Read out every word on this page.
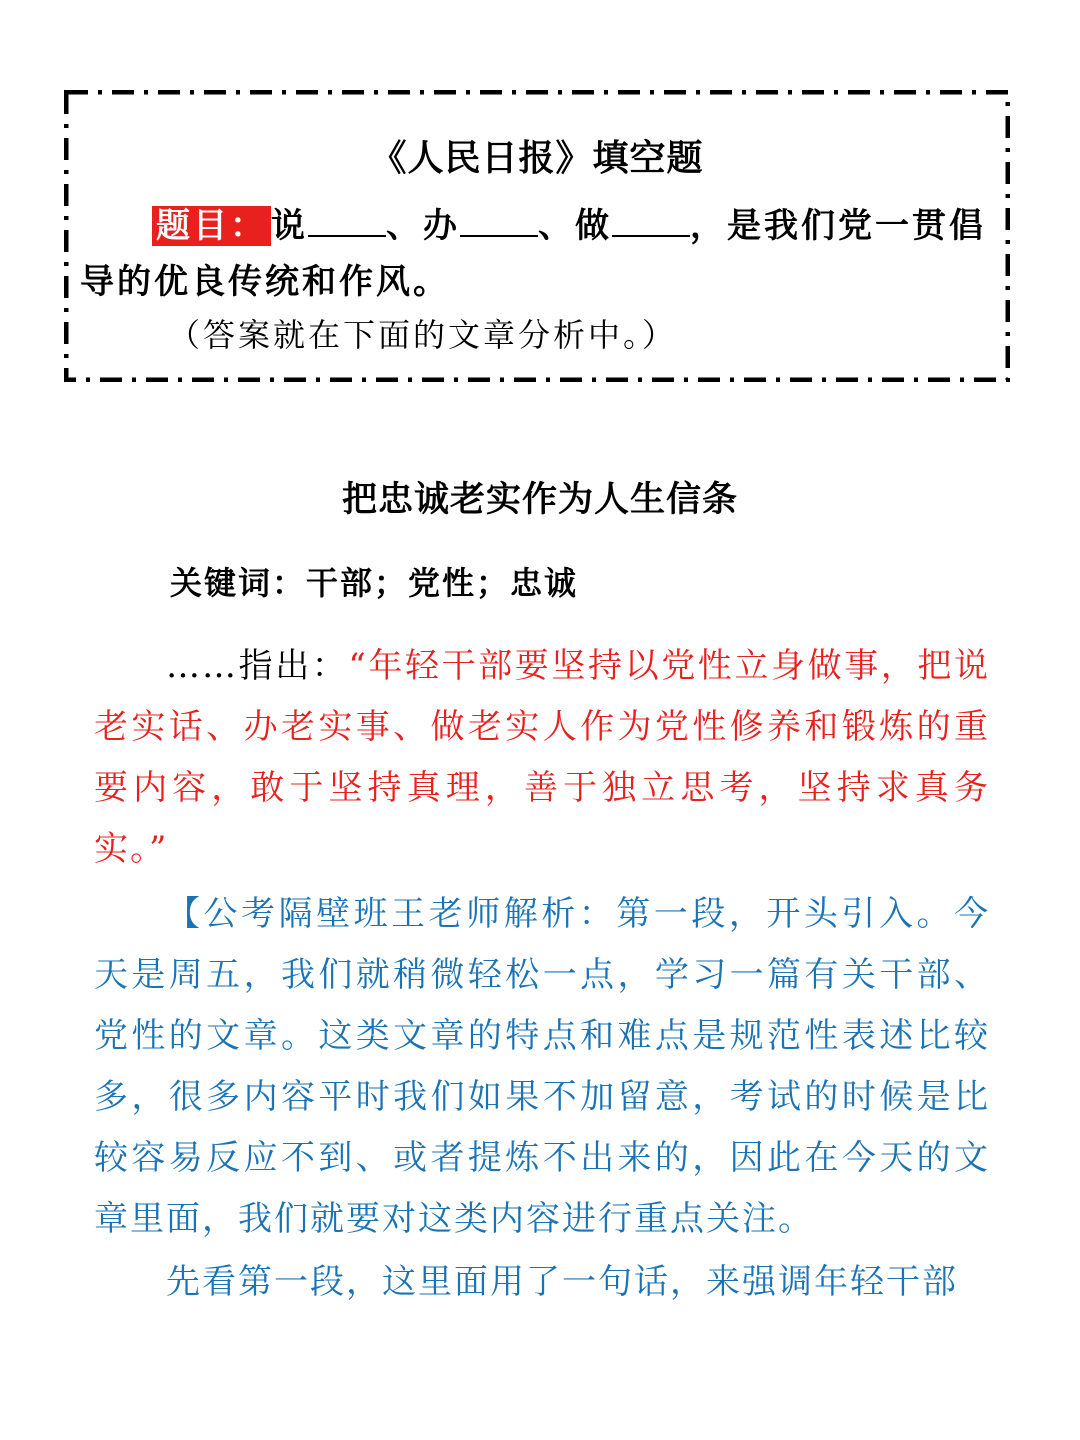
《人民日报》填空题
题目： 说 、办 、做 ，是我们党一贯倡导的优良传统和作风。
（答案就在下面的文章分析中。）
把忠诚老实作为人生信条
关键词：干部；党性；忠诚
……指出：“年轻干部要坚持以党性立身做事，把说老实话、办老实事、做老实人作为党性修养和锻炼的重要内容，敢于坚持真理，善于独立思考，坚持求真务实。”
【公考隔壁班王老师解析：第一段，开头引入。今天是周五，我们就稍微轻松一点，学习一篇有关干部、党性的文章。这类文章的特点和难点是规范性表述比较多，很多内容平时我们如果不加留意，考试的时候是比较容易反应不到、或者提炼不出来的，因此在今天的文章里面，我们就要对这类内容进行重点关注。
先看第一段，这里面用了一句话，来强调年轻干部
